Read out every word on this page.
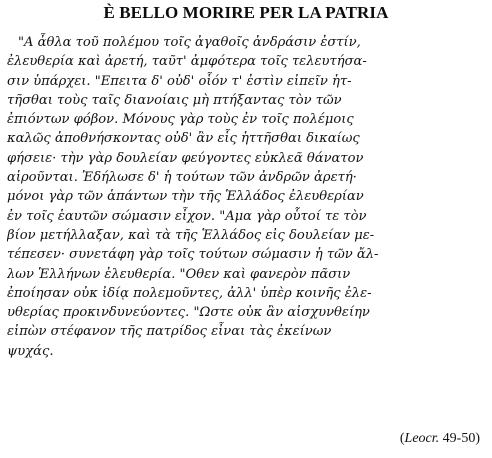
È BELLO MORIRE PER LA PATRIA
"Α ἆθλα τοῦ πολέμου τοῖς ἀγαθοῖς ἀνδράσιν ἐστίν,
ἐλευθερία καὶ ἀρετή, ταῦτ' ἀμφότερα τοῖς τελευτήσα-
σιν ὑπάρχει. "Επειτα δ' οὐδ' οἷόν τ' ἐστὶν εἰπεῖν ἡτ-
τῆσθαι τοὺς ταῖς διανοίαις μὴ πτήξαντας τὸν τῶν
ἐπιόντων φόβον. Μόνους γὰρ τοὺς ἐν τοῖς πολέμοις
καλῶς ἀποθνήσκοντας οὐδ' ἂν εἷς ἡττῆσθαι δικαίως
φήσειε· τὴν γὰρ δουλείαν φεύγοντες εὐκλεᾶ θάνατον
αἱροῦνται. Ἐδήλωσε δ' ἡ τούτων τῶν ἀνδρῶν ἀρετή·
μόνοι γὰρ τῶν ἁπάντων τὴν τῆς Ἑλλάδος ἐλευθερίαν
ἐν τοῖς ἑαυτῶν σώμασιν εἶχον. "Αμα γὰρ οὗτοί τε τὸν
βίον μετήλλαξαν, καὶ τὰ τῆς Ἑλλάδος εἰς δουλείαν με-
τέπεσεν· συνετάφη γὰρ τοῖς τούτων σώμασιν ἡ τῶν ἄλ-
λων Ἑλλήνων ἐλευθερία. "Οθεν καὶ φανερὸν πᾶσιν
ἐποίησαν οὐκ ἰδίᾳ πολεμοῦντες, ἀλλ' ὑπὲρ κοινῆς ἐλε-
υθερίας προκινδυνεύοντες. "Ωστε οὐκ ἂν αἰσχυνθείην
εἰπὼν στέφανον τῆς πατρίδος εἶναι τὰς ἐκείνων
ψυχάς.
(Leocr. 49-50)
